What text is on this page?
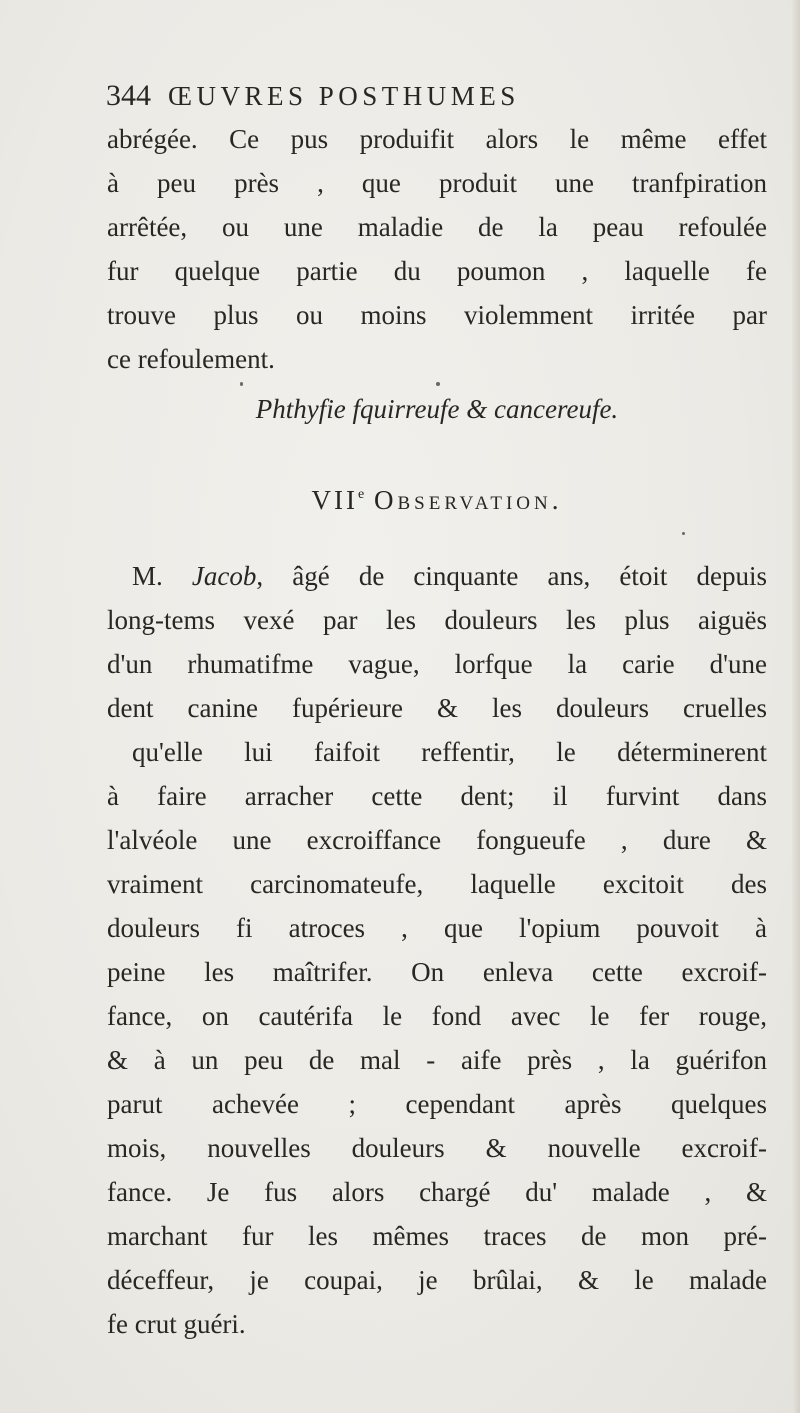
344 ŒUVRES POSTHUMES
abrégée. Ce pus produifit alors le même effet
à peu près , que produit une tranfpiration
arrêtée, ou une maladie de la peau refoulée
fur quelque partie du poumon , laquelle fe
trouve plus ou moins violemment irritée par
ce refoulement.
Phthyfie fquirreufe & cancereufe.
VIIe Observation.
M. Jacob, âgé de cinquante ans, étoit depuis
long-tems vexé par les douleurs les plus aiguës
d'un rhumatifme vague, lorfque la carie d'une
dent canine fupérieure & les douleurs cruelles
qu'elle lui faifoit reffentir, le déterminerent
à faire arracher cette dent; il furvint dans
l'alvéole une excroiffance fongueufe , dure &
vraiment carcinomateufe, laquelle excitoit des
douleurs fi atroces , que l'opium pouvoit à
peine les maîtrifer. On enleva cette excroif-
fance, on cautérifa le fond avec le fer rouge,
& à un peu de mal - aife près , la guérifon
parut achevée ; cependant après quelques
mois, nouvelles douleurs & nouvelle excroif-
fance. Je fus alors chargé du' malade , &
marchant fur les mêmes traces de mon pré-
déceffeur, je coupai, je brûlai, & le malade
fe crut guéri.
